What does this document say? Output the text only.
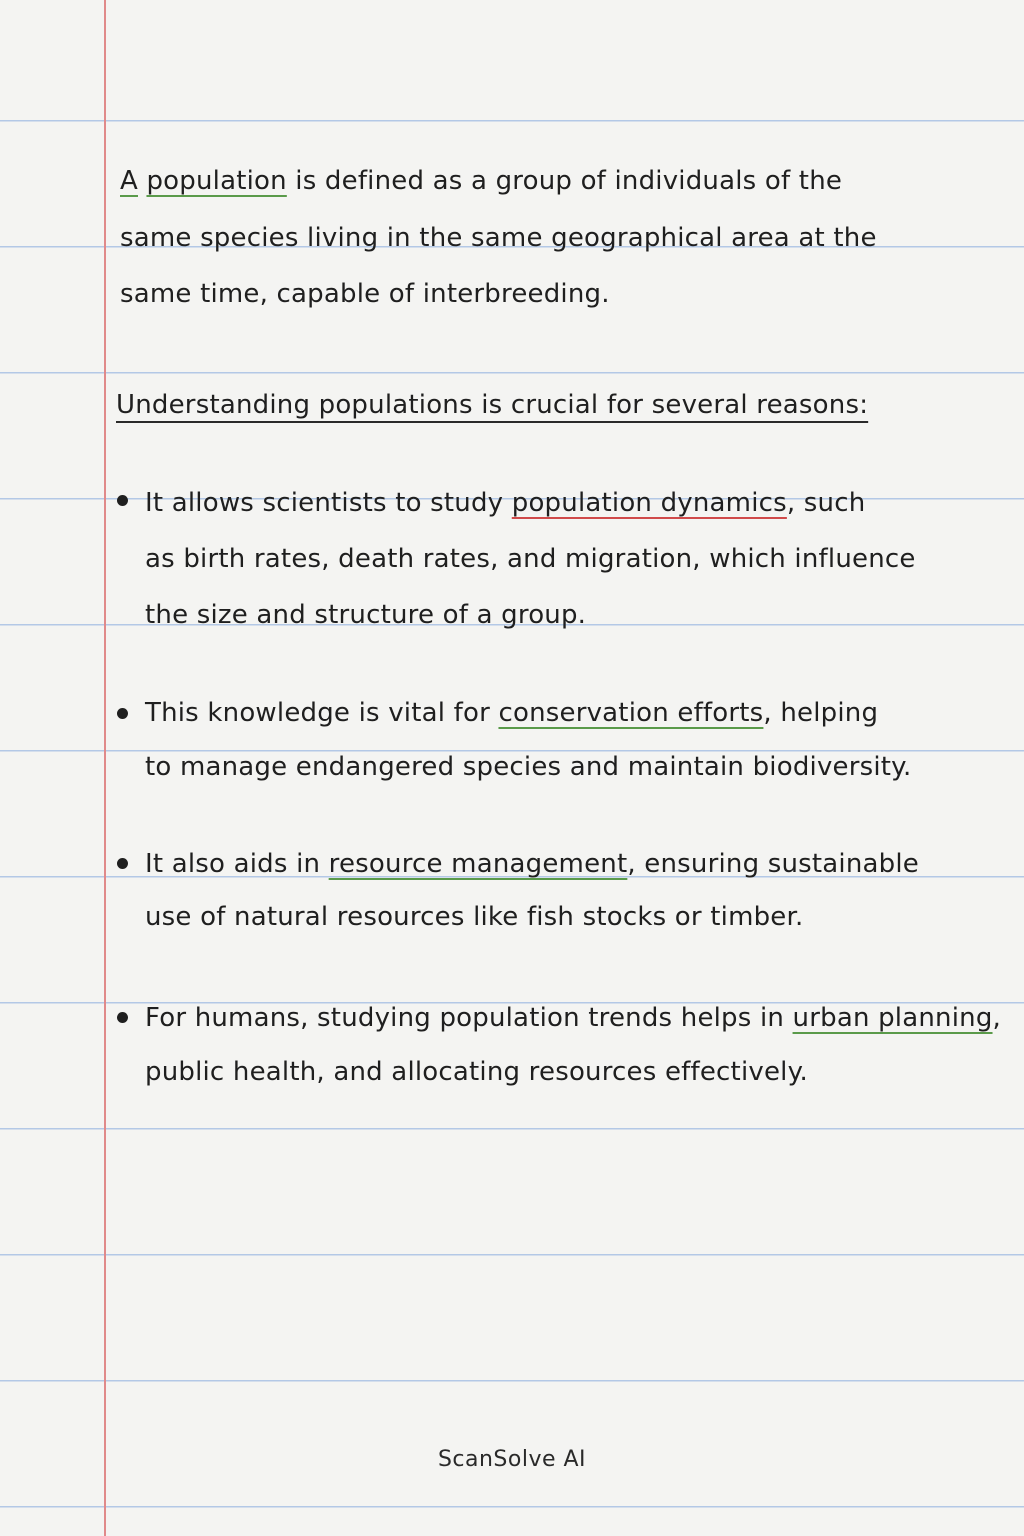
A population is defined as a group of individuals of the
same species living in the same geographical area at the
same time, capable of interbreeding.
Understanding populations is crucial for several reasons:
It allows scientists to study population dynamics, such
as birth rates, death rates, and migration, which influence
the size and structure of a group.
This knowledge is vital for conservation efforts, helping
to manage endangered species and maintain biodiversity.
It also aids in resource management, ensuring sustainable
use of natural resources like fish stocks or timber.
For humans, studying population trends helps in urban planning,
public health, and allocating resources effectively.
ScanSolve AI
